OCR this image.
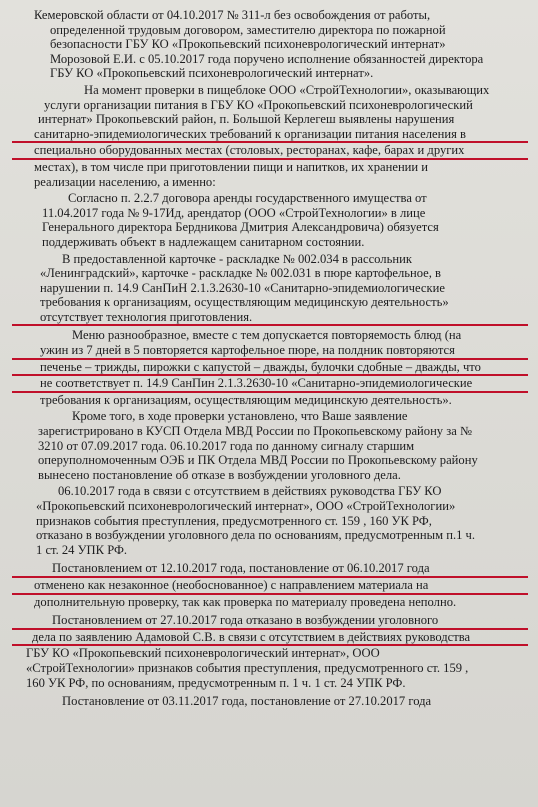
Кемеровской области от 04.10.2017 № 311-л без освобождения от работы,
определенной трудовым договором, заместителю директора по пожарной
безопасности ГБУ КО «Прокопьевский психоневрологический интернат»
Морозовой Е.И. с 05.10.2017 года поручено исполнение обязанностей директора
ГБУ КО «Прокопьевский психоневрологический интернат».
На момент проверки в пищеблоке ООО «СтройТехнологии», оказывающих
услуги организации питания в ГБУ КО «Прокопьевский психоневрологический
интернат» Прокопьевский район, п. Большой Керлегеш выявлены нарушения
санитарно-эпидемиологических требований к организации питания населения в
специально оборудованных местах (столовых, ресторанах, кафе, барах и других
местах), в том числе при приготовлении пищи и напитков, их хранении и
реализации населению, а именно:
Согласно п. 2.2.7 договора аренды государственного имущества от
11.04.2017 года № 9-17Ид, арендатор (ООО «СтройТехнологии» в лице
Генерального директора Бердникова Дмитрия Александровича) обязуется
поддерживать объект в надлежащем санитарном состоянии.
В предоставленной карточке - раскладке № 002.034 в рассольник
«Ленинградский», карточке - раскладке № 002.031 в пюре картофельное, в
нарушении п. 14.9 СанПиН 2.1.3.2630-10 «Санитарно-эпидемиологические
требования к организациям, осуществляющим медицинскую деятельность»
отсутствует технология приготовления.
Меню разнообразное, вместе с тем допускается повторяемость блюд (на
ужин из 7 дней в 5 повторяется картофельное пюре, на полдник повторяются
печенье – трижды, пирожки с капустой – дважды, булочки сдобные – дважды, что
не соответствует п. 14.9 СанПин 2.1.3.2630-10 «Санитарно-эпидемиологические
требования к организациям, осуществляющим медицинскую деятельность».
Кроме того, в ходе проверки установлено, что Ваше заявление
зарегистрировано в КУСП Отдела МВД России по Прокопьевскому району за №
3210 от 07.09.2017 года. 06.10.2017 года по данному сигналу старшим
оперуполномоченным ОЭБ и ПК Отдела МВД России по Прокопьевскому району
вынесено постановление об отказе в возбуждении уголовного дела.
06.10.2017 года в связи с отсутствием в действиях руководства ГБУ КО
«Прокопьевский психоневрологический интернат», ООО «СтройТехнологии»
признаков события преступления, предусмотренного ст. 159 , 160 УК РФ,
отказано в возбуждении уголовного дела по основаниям, предусмотренным п.1 ч.
1 ст. 24 УПК РФ.
Постановлением от 12.10.2017 года, постановление от 06.10.2017 года
отменено как незаконное (необоснованное) с направлением материала на
дополнительную проверку, так как проверка по материалу проведена неполно.
Постановлением от 27.10.2017 года отказано в возбуждении уголовного
дела по заявлению Адамовой С.В. в связи с отсутствием в действиях руководства
ГБУ КО «Прокопьевский психоневрологический интернат», ООО
«СтройТехнологии» признаков события преступления, предусмотренного ст. 159 ,
160 УК РФ, по основаниям, предусмотренным п. 1 ч. 1 ст. 24 УПК РФ.
Постановление от 03.11.2017 года, постановление от 27.10.2017 года
